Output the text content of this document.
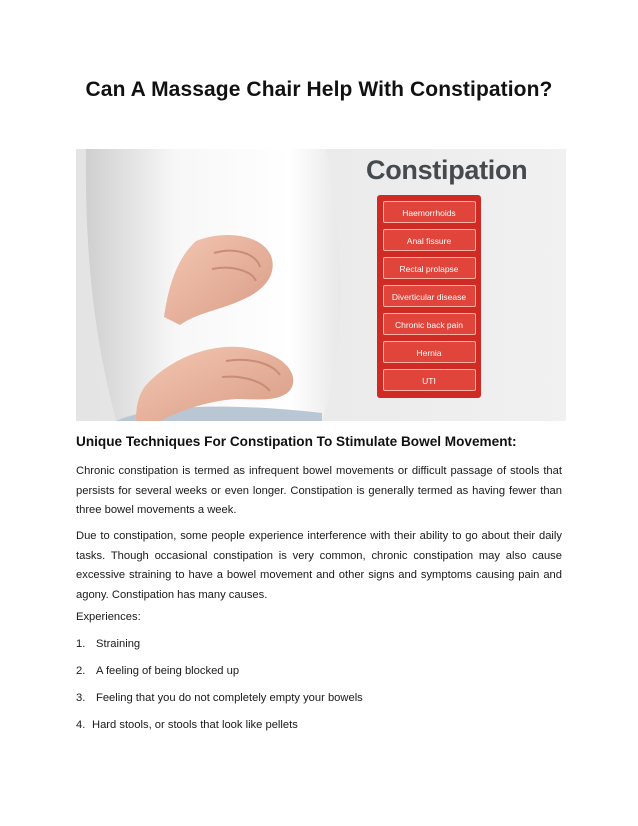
Can A Massage Chair Help With Constipation?
Constipation
Haemorrhoids
Anal fissure
Rectal prolapse
Diverticular disease
Chronic back pain
Hernia
UTI
Unique Techniques For Constipation To Stimulate Bowel Movement:

Chronic constipation is termed as infrequent bowel movements or difficult passage of stools that persists for several weeks or even longer. Constipation is generally termed as having fewer than three bowel movements a week.

Due to constipation, some people experience interference with their ability to go about their daily tasks. Though occasional constipation is very common, chronic constipation may also cause excessive straining to have a bowel movement and other signs and symptoms causing pain and agony. Constipation has many causes.

Experiences:

1. Straining

2. A feeling of being blocked up

3. Feeling that you do not completely empty your bowels

4. Hard stools, or stools that look like pellets
